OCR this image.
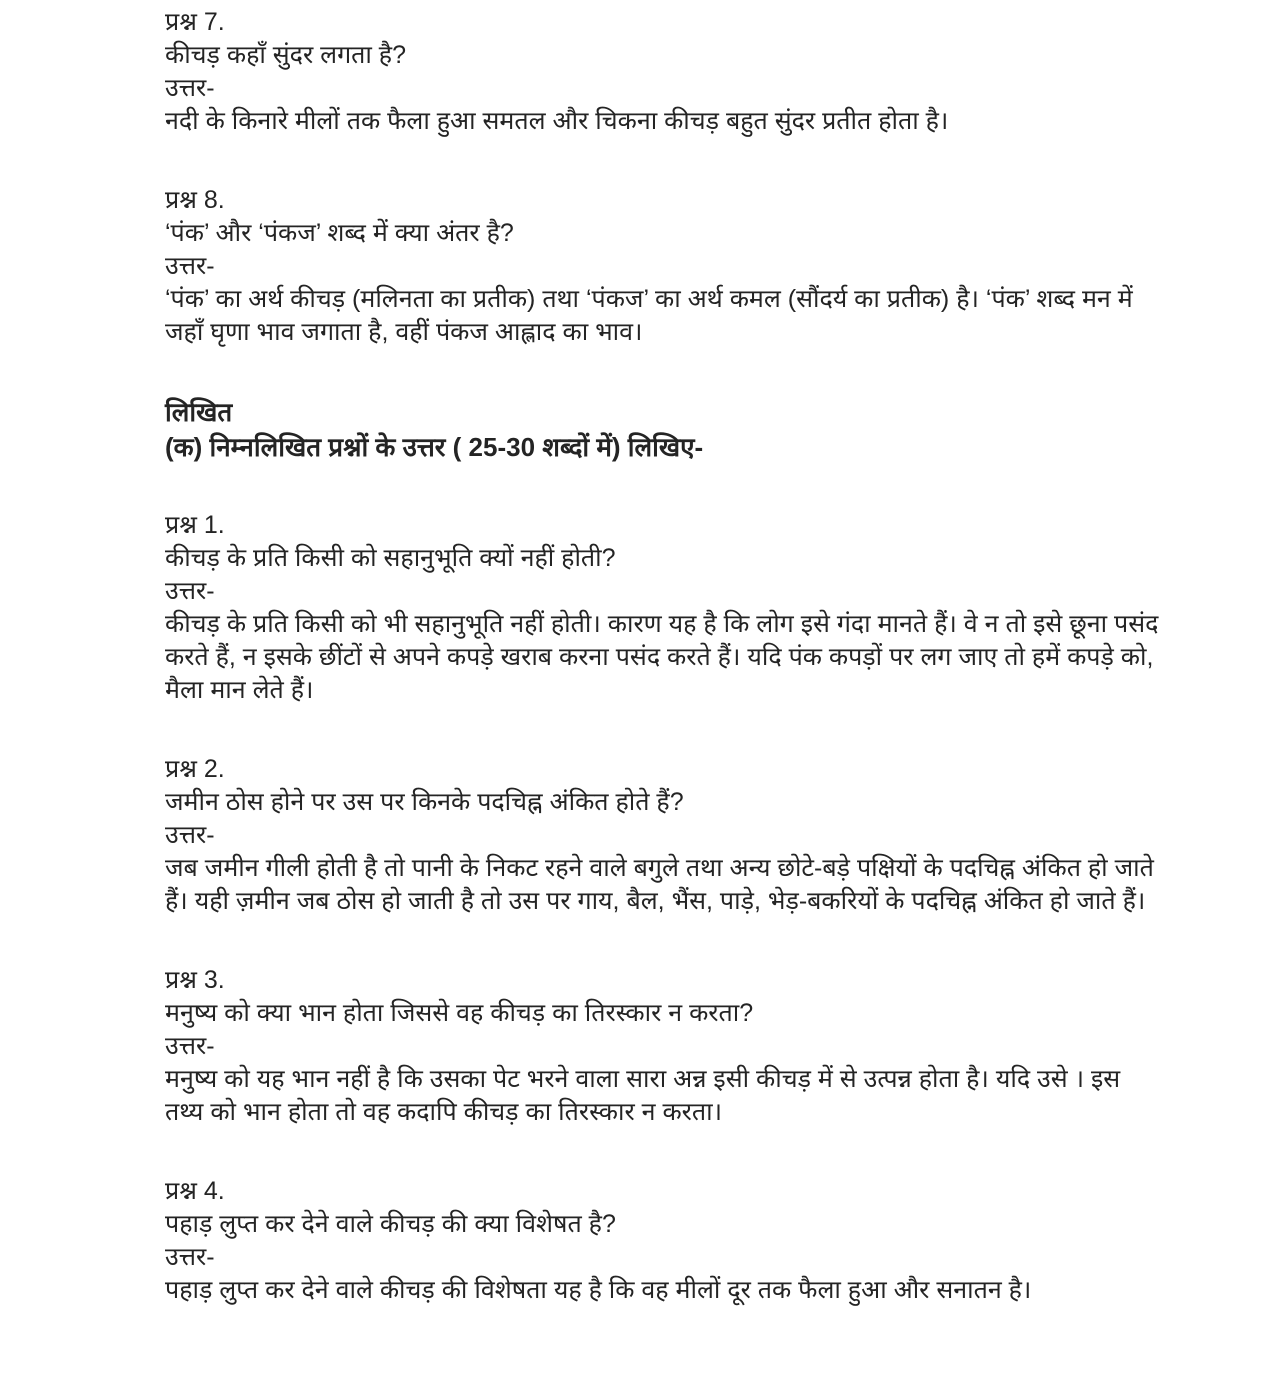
प्रश्न 7.
कीचड़ कहाँ सुंदर लगता है?
उत्तर-
नदी के किनारे मीलों तक फैला हुआ समतल और चिकना कीचड़ बहुत सुंदर प्रतीत होता है।
प्रश्न 8.
‘पंक’ और ‘पंकज’ शब्द में क्या अंतर है?
उत्तर-
‘पंक’ का अर्थ कीचड़ (मलिनता का प्रतीक) तथा ‘पंकज’ का अर्थ कमल (सौंदर्य का प्रतीक) है। ‘पंक’ शब्द मन में जहाँ घृणा भाव जगाता है, वहीं पंकज आह्लाद का भाव।
लिखित
(क) निम्नलिखित प्रश्नों के उत्तर ( 25-30 शब्दों में) लिखिए-
प्रश्न 1.
कीचड़ के प्रति किसी को सहानुभूति क्यों नहीं होती?
उत्तर-
कीचड़ के प्रति किसी को भी सहानुभूति नहीं होती। कारण यह है कि लोग इसे गंदा मानते हैं। वे न तो इसे छूना पसंद करते हैं, न इसके छींटों से अपने कपड़े खराब करना पसंद करते हैं। यदि पंक कपड़ों पर लग जाए तो हमें कपड़े को, मैला मान लेते हैं।
प्रश्न 2.
जमीन ठोस होने पर उस पर किनके पदचिह्न अंकित होते हैं?
उत्तर-
जब जमीन गीली होती है तो पानी के निकट रहने वाले बगुले तथा अन्य छोटे-बड़े पक्षियों के पदचिह्न अंकित हो जाते हैं। यही ज़मीन जब ठोस हो जाती है तो उस पर गाय, बैल, भैंस, पाड़े, भेड़-बकरियों के पदचिह्न अंकित हो जाते हैं।
प्रश्न 3.
मनुष्य को क्या भान होता जिससे वह कीचड़ का तिरस्कार न करता?
उत्तर-
मनुष्य को यह भान नहीं है कि उसका पेट भरने वाला सारा अन्न इसी कीचड़ में से उत्पन्न होता है। यदि उसे । इस तथ्य को भान होता तो वह कदापि कीचड़ का तिरस्कार न करता।
प्रश्न 4.
पहाड़ लुप्त कर देने वाले कीचड़ की क्या विशेषत है?
उत्तर-
पहाड़ लुप्त कर देने वाले कीचड़ की विशेषता यह है कि वह मीलों दूर तक फैला हुआ और सनातन है।
